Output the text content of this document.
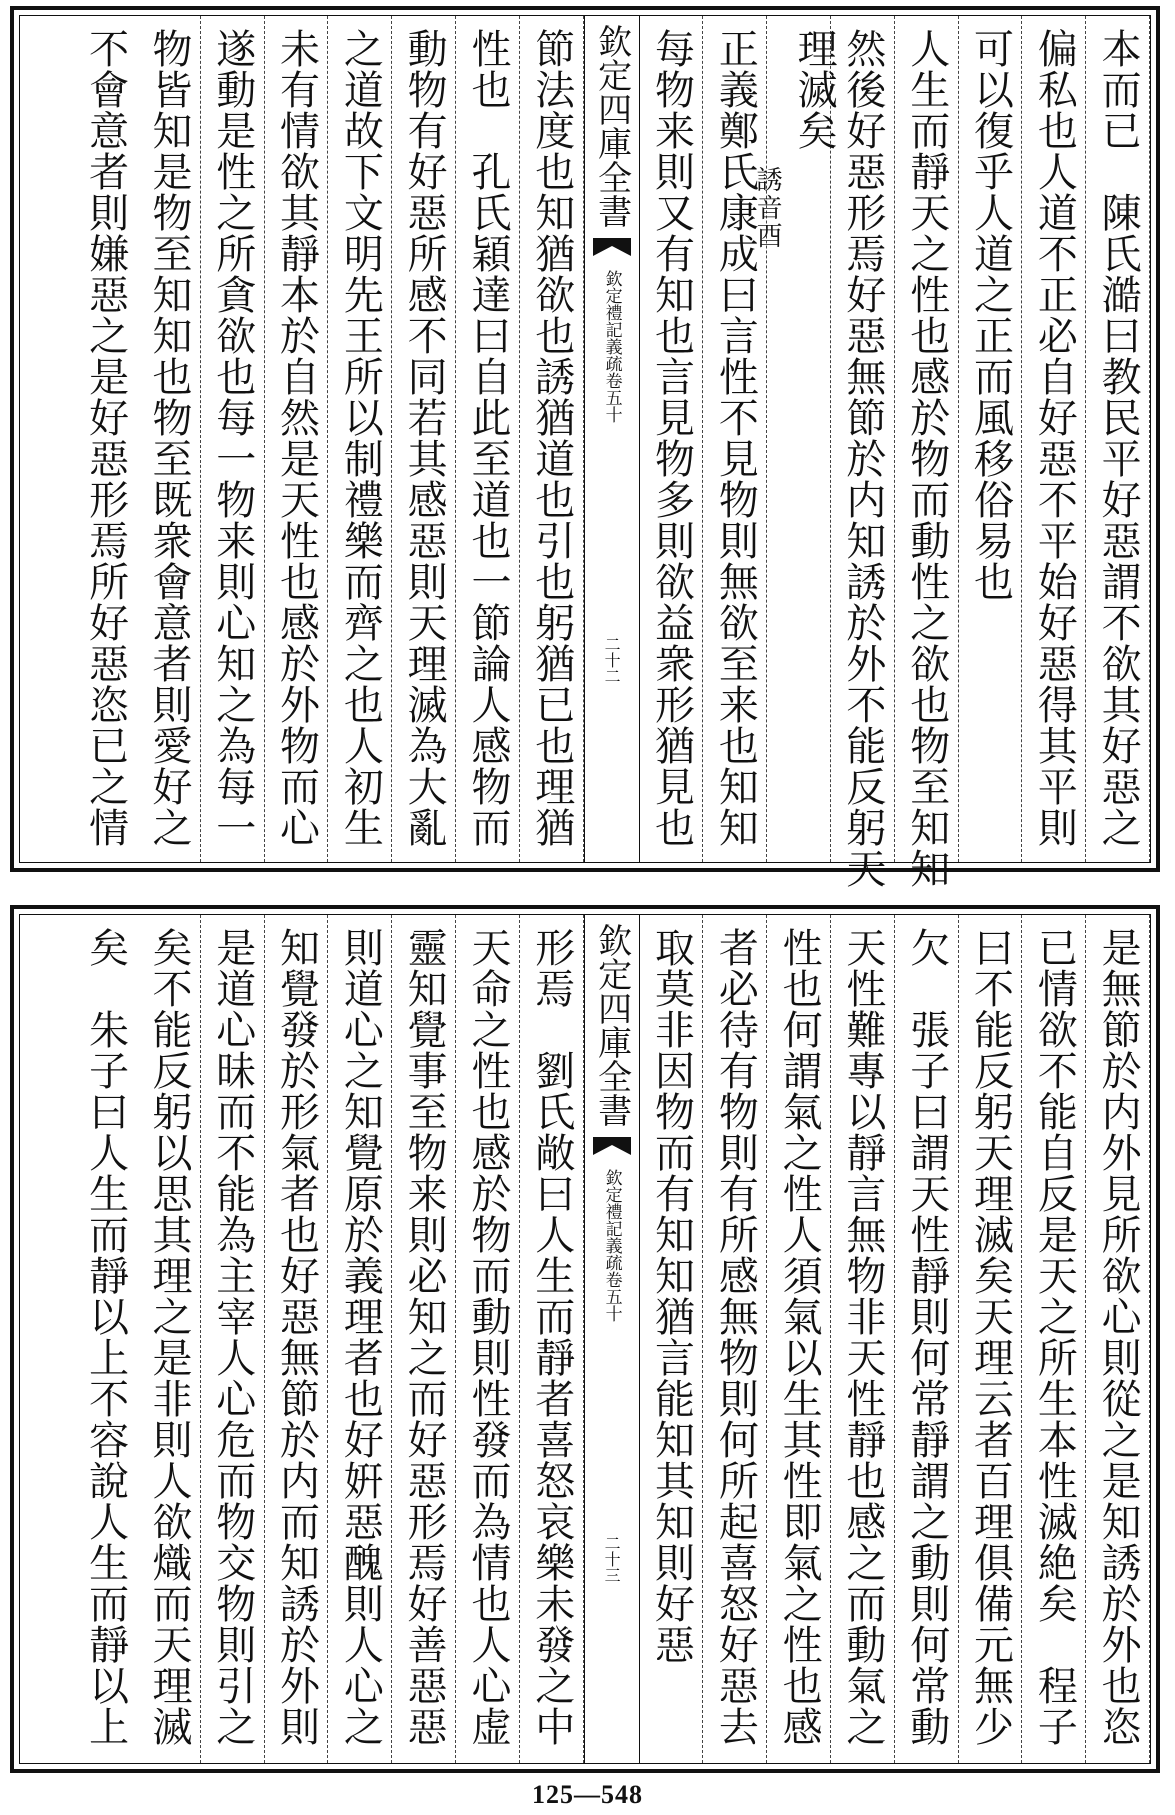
本而已　陳氏澔曰教民平好惡謂不欲其好惡之
偏私也人道不正必自好惡不平始好惡得其平則
可以復乎人道之正而風移俗易也
人生而靜天之性也感於物而動性之欲也物至知知
然後好惡形焉好惡無節於内知誘於外不能反躬天
理滅矣
誘音酉
正義鄭氏康成曰言性不見物則無欲至来也知知
每物来則又有知也言見物多則欲益衆形猶見也
欽定四庫全書
欽定禮記義疏
卷五十
二十二
節法度也知猶欲也誘猶道也引也躬猶已也理猶
性也　孔氏穎達曰自此至道也一節論人感物而
動物有好惡所感不同若其感惡則天理滅為大亂
之道故下文明先王所以制禮樂而齊之也人初生
未有情欲其靜本於自然是天性也感於外物而心
遂動是性之所貪欲也每一物来則心知之為每一
物皆知是物至知知也物至既衆會意者則愛好之
不會意者則嫌惡之是好惡形焉所好惡恣已之情
是無節於内外見所欲心則從之是知誘於外也恣
已情欲不能自反是天之所生本性滅絶矣　程子
曰不能反躬天理滅矣天理云者百理俱備元無少
欠　張子曰謂天性靜則何常靜謂之動則何常動
天性難專以靜言無物非天性靜也感之而動氣之
性也何謂氣之性人須氣以生其性即氣之性也感
者必待有物則有所感無物則何所起喜怒好惡去
取莫非因物而有知知猶言能知其知則好惡
欽定四庫全書
欽定禮記義疏
卷五十
二十三
形焉　劉氏敞曰人生而靜者喜怒哀樂未發之中
天命之性也感於物而動則性發而為情也人心虚
靈知覺事至物来則必知之而好惡形焉好善惡惡
則道心之知覺原於義理者也好姸惡醜則人心之
知覺發於形氣者也好惡無節於内而知誘於外則
是道心昧而不能為主宰人心危而物交物則引之
矣不能反躬以思其理之是非則人欲熾而天理滅
矣　朱子曰人生而靜以上不容說人生而靜以上
125—548
